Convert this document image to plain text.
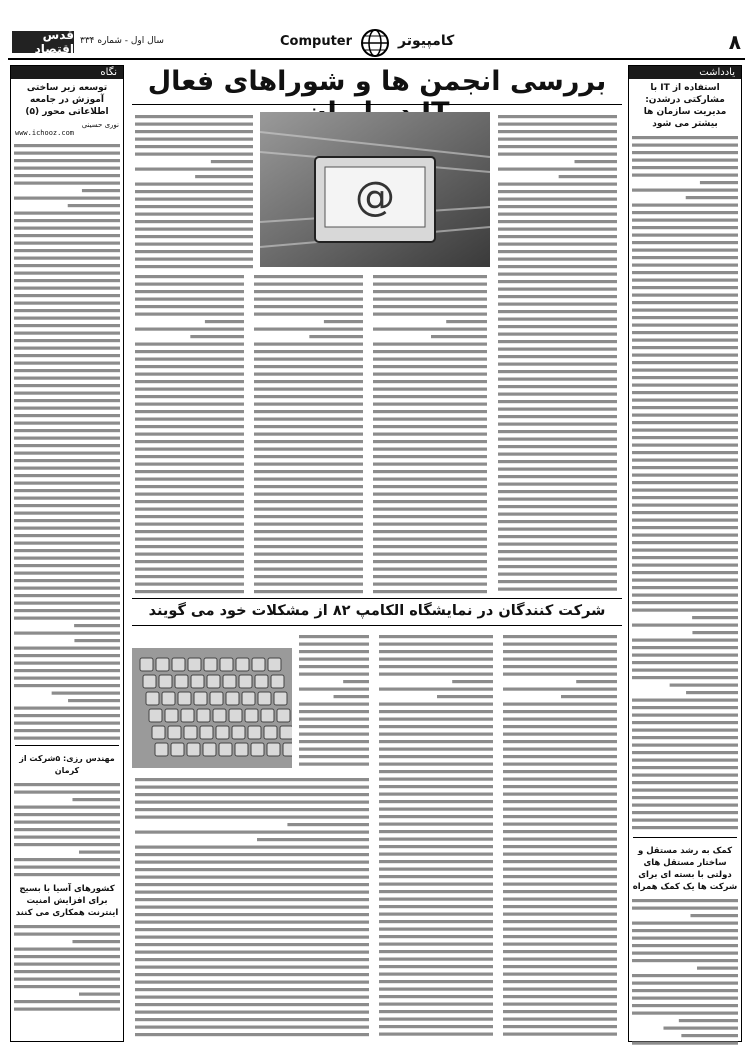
۸
کامپیوتر
Computer
سال اول - شماره ۳۳۴
قدس اقتصاد
نگاه
توسعه زیر ساختی آموزش در جامعه اطلاعاتی محور (۵)
نوری حسینی
www.ichooz.com
مهندس رزی: ۵شرکت از کرمان
کشورهای آسیا با بسیج برای افزایش امنیت اینترنت همکاری می کنند
یادداشت
استفاده از IT با مشارکتی درشدن: مدیریت سازمان ها بیشتر می شود
کمک به رشد مستقل و ساختار مستقل های دولتی با بسته ای برای شرکت ها یک کمک همراه
بررسی انجمن ها و شوراهای فعال
@
شرکت کنندگان در نمایشگاه الکامپ ۸۲ از مشکلات خود می گویند
